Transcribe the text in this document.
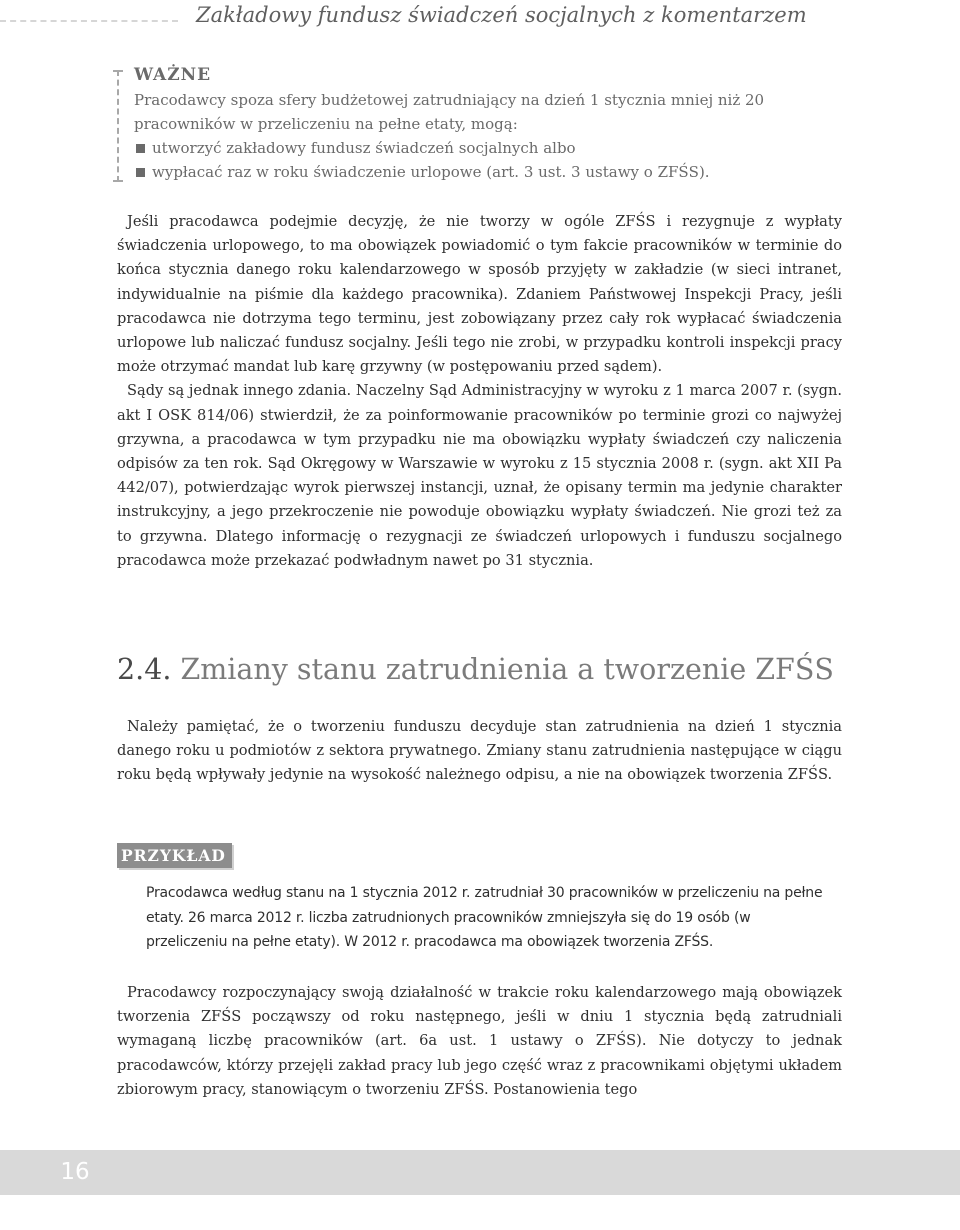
Zakładowy fundusz świadczeń socjalnych z komentarzem
WAŻNE
Pracodawcy spoza sfery budżetowej zatrudniający na dzień 1 stycznia mniej niż 20 pracowników w przeliczeniu na pełne etaty, mogą:
utworzyć zakładowy fundusz świadczeń socjalnych albo
wypłacać raz w roku świadczenie urlopowe (art. 3 ust. 3 ustawy o ZFŚS).

Jeśli pracodawca podejmie decyzję, że nie tworzy w ogóle ZFŚS i rezygnuje z wypłaty świadczenia urlopowego, to ma obowiązek powiadomić o tym fakcie pracowników w terminie do końca stycznia danego roku kalendarzowego w sposób przyjęty w zakładzie (w sieci intranet, indywidualnie na piśmie dla każdego pracownika). Zdaniem Państwowej Inspekcji Pracy, jeśli pracodawca nie dotrzyma tego terminu, jest zobowiązany przez cały rok wypłacać świadczenia urlopowe lub naliczać fundusz socjalny. Jeśli tego nie zrobi, w przypadku kontroli inspekcji pracy może otrzymać mandat lub karę grzywny (w postępowaniu przed sądem).

Sądy są jednak innego zdania. Naczelny Sąd Administracyjny w wyroku z 1 marca 2007 r. (sygn. akt I OSK 814/06) stwierdził, że za poinformowanie pracowników po terminie grozi co najwyżej grzywna, a pracodawca w tym przypadku nie ma obowiązku wypłaty świadczeń czy naliczenia odpisów za ten rok. Sąd Okręgowy w Warszawie w wyroku z 15 stycznia 2008 r. (sygn. akt XII Pa 442/07), potwierdzając wyrok pierwszej instancji, uznał, że opisany termin ma jedynie charakter instrukcyjny, a jego przekroczenie nie powoduje obowiązku wypłaty świadczeń. Nie grozi też za to grzywna. Dlatego informację o rezygnacji ze świadczeń urlopowych i funduszu socjalnego pracodawca może przekazać podwładnym nawet po 31 stycznia.

2.4. Zmiany stanu zatrudnienia a tworzenie ZFŚS

Należy pamiętać, że o tworzeniu funduszu decyduje stan zatrudnienia na dzień 1 stycznia danego roku u podmiotów z sektora prywatnego. Zmiany stanu zatrudnienia następujące w ciągu roku będą wpływały jedynie na wysokość należnego odpisu, a nie na obowiązek tworzenia ZFŚS.

PRZYKŁAD
Pracodawca według stanu na 1 stycznia 2012 r. zatrudniał 30 pracowników w przeliczeniu na pełne etaty. 26 marca 2012 r. liczba zatrudnionych pracowników zmniejszyła się do 19 osób (w przeliczeniu na pełne etaty). W 2012 r. pracodawca ma obowiązek tworzenia ZFŚS.

Pracodawcy rozpoczynający swoją działalność w trakcie roku kalendarzowego mają obowiązek tworzenia ZFŚS począwszy od roku następnego, jeśli w dniu 1 stycznia będą zatrudniali wymaganą liczbę pracowników (art. 6a ust. 1 ustawy o ZFŚS). Nie dotyczy to jednak pracodawców, którzy przejęli zakład pracy lub jego część wraz z pracownikami objętymi układem zbiorowym pracy, stanowiącym o tworzeniu ZFŚS. Postanowienia tego

16
